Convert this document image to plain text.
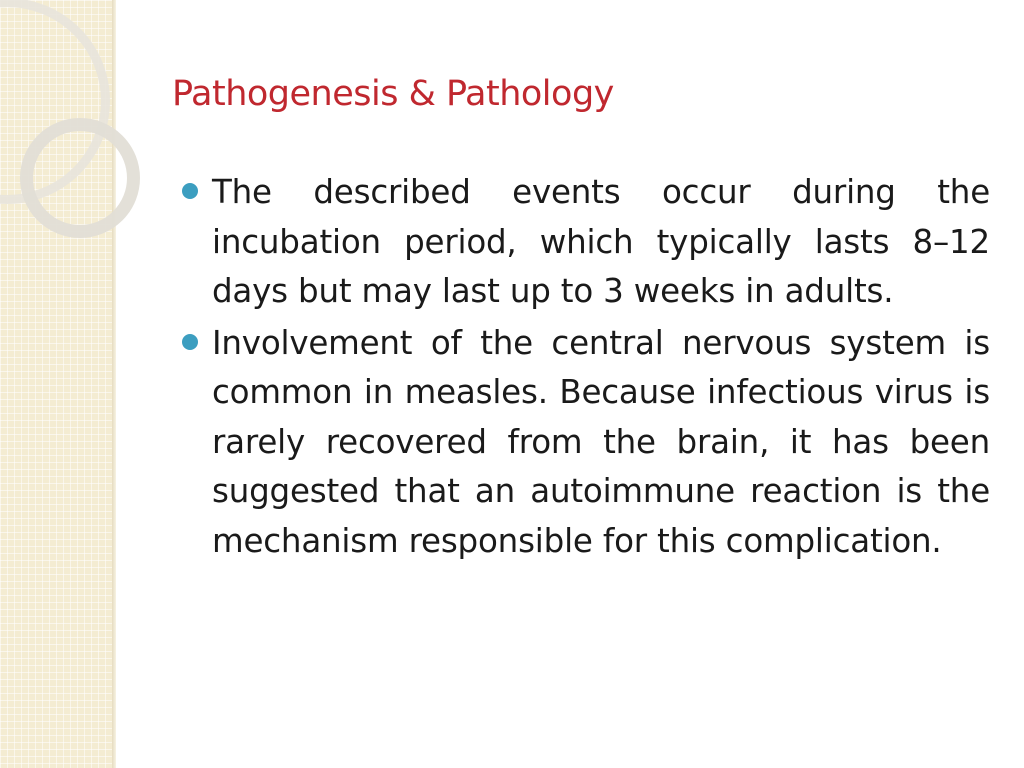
Pathogenesis & Pathology
The described events occur during the incubation period, which typically lasts 8–12 days but may last up to 3 weeks in adults.
Involvement of the central nervous system is common in measles. Because infectious virus is rarely recovered from the brain, it has been suggested that an autoimmune reaction is the mechanism responsible for this complication.
